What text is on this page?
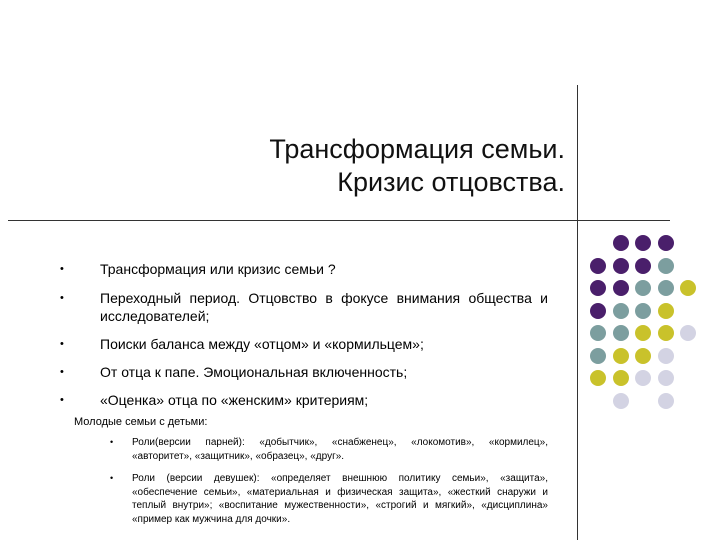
Трансформация семьи.
Кризис отцовства.
•	Трансформация или кризис семьи ?
•	Переходный период. Отцовство в фокусе внимания общества и исследователей;
•	Поиски баланса между «отцом» и «кормильцем»;
•	От отца к папе. Эмоциональная включенность;
•	«Оценка» отца по «женским» критериям;
Молодые семьи с детьми:
•	Роли(версии парней): «добытчик», «снабженец», «локомотив», «кормилец», «авторитет», «защитник», «образец», «друг».
•	Роли (версии девушек): «определяет внешнюю политику семьи», «защита», «обеспечение семьи», «материальная и физическая защита», «жесткий снаружи и теплый внутри»; «воспитание мужественности», «строгий и мягкий», «дисциплина» «пример как мужчина для дочки».
